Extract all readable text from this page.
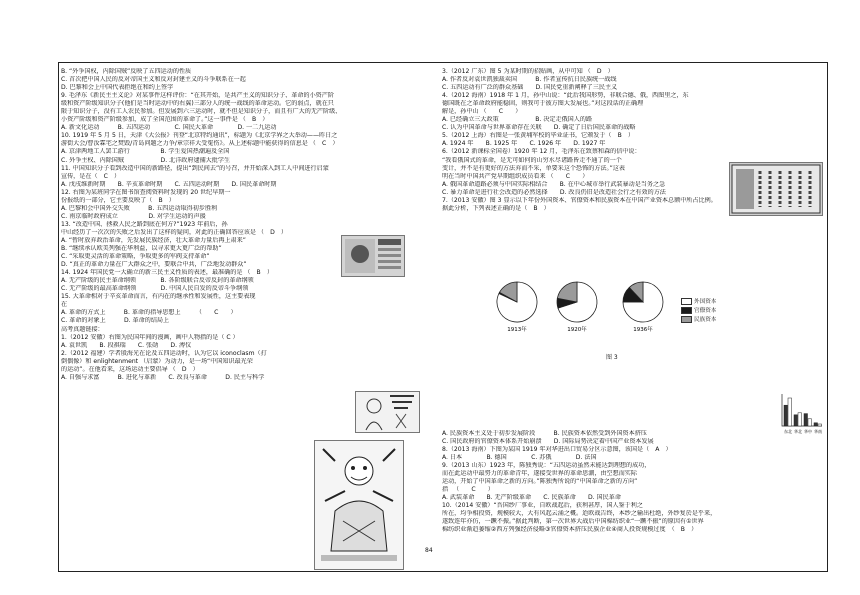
B. “外争国权，内除国贼”反映了五四运动的性质
C. 首次把中国人民的反对帝国主义和反对封建主义的斗争联系在一起
D. 巴黎和会上中国代表拒绝在和约上签字
9. 毛泽东《新民主主义论》对某事件这样评价：“在其开始，是共产主义的知识分子、革命的小资产阶
级和资产阶级知识分子(他们是当时运动中的右翼)三部分人的统一战线的革命运动。它的弱点，就在只
限于知识分子，没有工人农民参加。但发展到六三运动时，就不但是知识分子，而且有广大的无产阶级、
小资产阶级和资产阶级参加，成了全国范围的革命了。”这一事件是 （　B　）
A. 新文化运动　　　B. 五四运动　　　　C. 国民大革命　　　　D. 一二九运动
10. 1919 年 5 月 5 日，天津《大公报》刊登“北京特约通讯”，标题为《北京学界之大举动——昨日之
游街大会/曹汝霖宅之焚毁/青岛问题之力争/章宗祥大受寃伤》。从上述标题中能获得的信息是 （　C　）
A. 京津两地工人罢工游行　　　　　B. 学生爱国热潮遍及全国
C. 外争主权、内除国贼　　　　　　D. 北洋政府逮捕大批学生
11. 中国知识分子看到改造中国的新路径，提出“到民间去”的号召，并开始深入到工人中间进行启蒙
宣传，是在（　C　）
A. 戊戌维新时期　　B. 辛亥革命时期　　C. 五四运动时期　　D. 国民革命时期
12. 右图为某班同学在图书馆查阅资料时发现的 20 世纪早期一
份报纸的一部分，它主要反映了（　B　）
A. 巴黎和会中国外交失败　　　B. 五四运动取得初步胜利
C. 南京临时政府成立　　　　　D. 对学生运动的声援
13. “改造中国、拯救人民之路到底在何方?”1923 年前后，孙
中山经历了一次次的失败之后发出了这样的疑问，对此的正确回答应该是 （　D　）
A. “暂时放弃政治革命，先发展民族经济，壮大革命力量后再上肃来”
B. “继续承认欧美列强在华利益，以寻求更大更广泛的帮助”
C. “采取更灵活的革命策略，争取更多的军阀支持革命”
D. “真正的革命力量在广大群众之中，要联合中共，广泛地发动群众”
14. 1924 年国民党一大确立的新三民主义性质的表述，最准确的是 （　B　）
A. 无产阶级的民主革命纲领　　　　B. 各阶级联合反帝反封的革命纲领
C. 无产阶级的最高革命纲领　　　　D. 中国人民自发的反帝斗争纲领
15. 大革命相对于辛亥革命而言，有内在的继承性和发展性，这主要表现
在
A. 革命的方式上　　　B. 革命的指导思想上　　　（　　C　　）
C. 革命的对象上　　　D. 革命的结局上
高考真题链接：
1.（2012 安徽）右图为民国年间的漫画，画中人物指的是（ C ）
A. 袁世凯　　B. 段祺瑞　　C. 张勋　　D. 溥仪
2.（2012 福建）学者殷海光在论及五四运动时，认为它以 iconoclasm（打
倒偶像）和 enlightenment （启蒙）为动力，是一场“中国知识最光荣
的运动”。在他看来，这场运动主要倡导 （　D　）
A. 自强与求富　　　B. 进化与革新　　C. 改良与革命　　　D. 民主与科学
3.（2012 广东）图 5 为某时期的招贴画，从中可知 （　D　）
A. 作者反对袁世凯独裁卖国　　　B. 作者宣传抗日民族统一战线
C. 五四运动有广泛的群众基础　　D. 国民党重新阐释了三民主义
4.（2012 海南）1918 年 1 月，孙中山说：“此后我国形势，非联合德、俄，西图里之，东
德国既在之革命政府能稳固，则我可于彼方图大发展也。”对这段话的正确理
解是，孙中山 （　　C　　）
A. 已经确立三大政策　　　　　　B. 决定走俄国人的路
C. 认为中国革命与世界革命存在关联　　D. 确定了日后国民革命的战略
5.（2012 上海）右图是一张黄埔军校的毕业证书，它颁发于（　B　）
A. 1924 年　　B. 1925 年　　C. 1926 年　　D. 1927 年
6.（2012 新课标全国卷）1920 年 12 月，毛泽东在致蔡和森的信中说：
“我看俄国式的革命，是无可如何的山穷水尽诸路皆走不通了的一个
变计，并不是有更好的方法弃而不采，单要采这个恐怖的方法。”这表
明在当时中国共产党早期组织成员看来 （　　C　　）
A. 俄国革命道路必须与中国实际相结合　　B. 在中心城市举行武装暴动是当务之急
C. 暴力革命是进行社会改造的必然选择　　D. 改良仍旧是改造社会行之有效的方法
7.（2013 安徽）图 3 显示以下年份外国资本、官僚资本和民族资本在中国产业资本总额中所占比例。
据此分析，下列表述正确的是（　B　）
A. 民族资本主义处于初步发展阶段　　　B. 民族资本依然受到外国资本挤压
C. 国民政府的官僚资本体系开始崩溃　　D. 国际局势决定着中国产业资本发展
8.（2013 海南）下图为某国 1919 年对华进出口贸易分区示意图，该国是（　A　）
A. 日本　　　　B. 德国　　　　C. 苏俄　　　　D. 法国
9.（2013 山东）1923 年，陈独秀说：“五四运动虽然未能达到理想的成功，
而在此运动中最努力的革命青年，遂接受世界的革命思潮，由空想而实际
运动，开始了中国革命之新的方向。”陈独秀所说的“中国革命之新的方向”
指 　（　　C　　）
A. 武装革命　　B. 无产阶级革命　　C. 民族革命　　D. 国民革命
10.（2014 安徽）“吾国纱厂事业，自欧战起后，获利甚厚，国人鉴于利之
所在，均争相投资，规模较大，大有风起云涌之概。迨欧战告终，本纱之输出杜绝，外纱复於是乎来，
遂致连年亦仿，一蹶不振。”据此判断，第一次世界大战后中国棉纺织业“一蹶不振”的原因有①世界
棉纺织业渐趋萎缩②西方列强经济侵略③官僚资本挤压民族企业④商人投资规模过度　（　B　）
1913年	1920年	1936年
外国资本
官僚资本
民族资本
图 3
东北 华北 华中 华南
84
